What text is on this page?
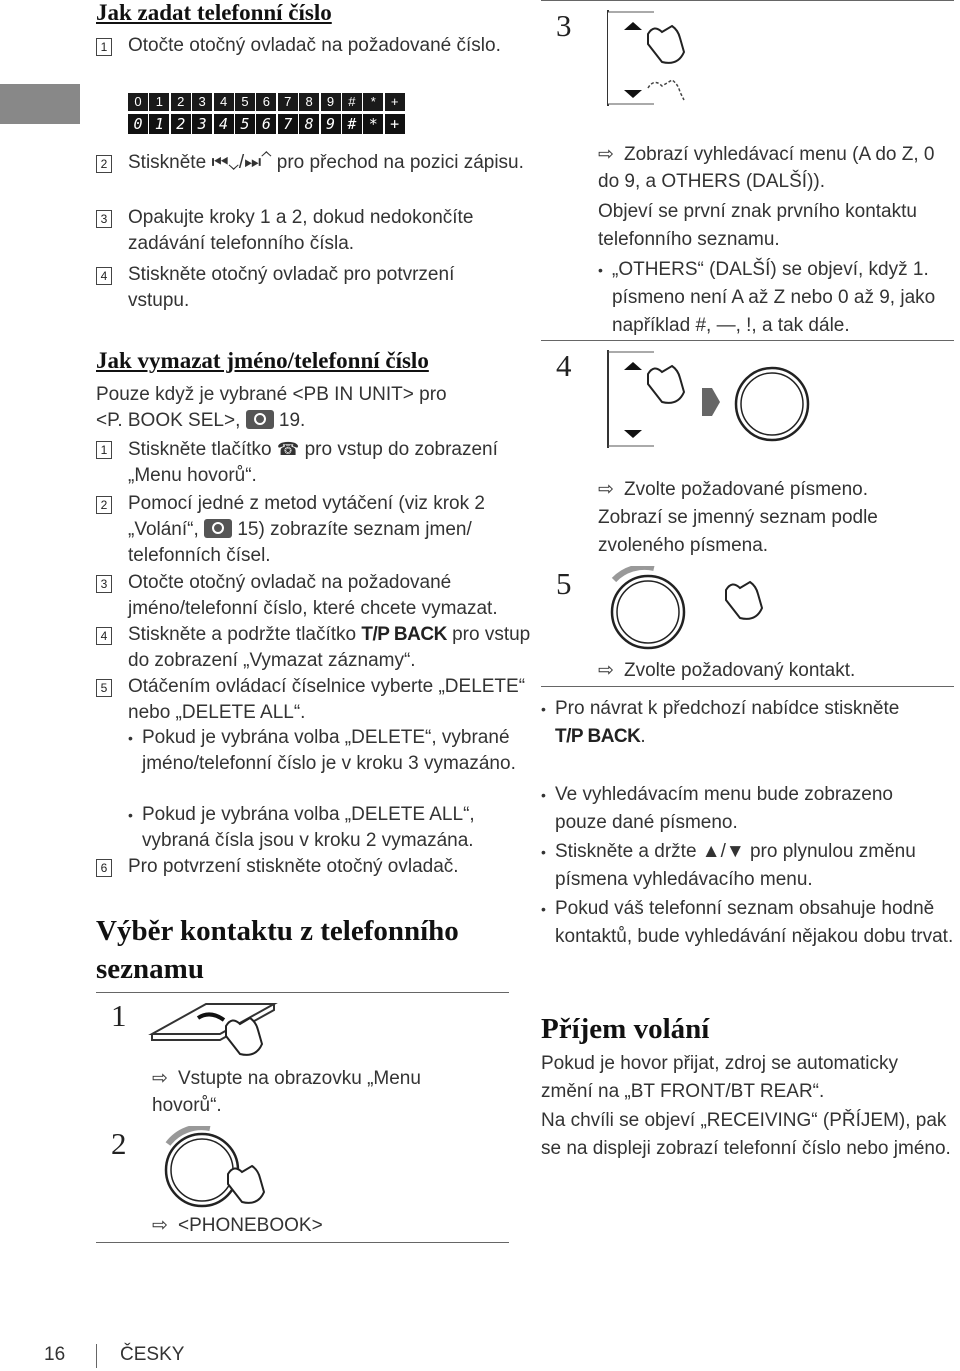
Jak zadat telefonní číslo
1 Otočte otočný ovladač na požadované číslo.
0 1 2 3 4 5 6 7 8 9 # * +
0 1 2 3 4 5 6 7 8 9 # * +
2 Stiskněte ⏮⌄/⏭⌃ pro přechod na pozici zápisu.
3 Opakujte kroky 1 a 2, dokud nedokončíte zadávání telefonního čísla.
4 Stiskněte otočný ovladač pro potvrzení vstupu.
Jak vymazat jméno/telefonní číslo
Pouze když je vybrané <PB IN UNIT> pro
<P. BOOK SEL>, 19.
1 Stiskněte tlačítko ☎ pro vstup do zobrazení „Menu hovorů“.
2 Pomocí jedné z metod vytáčení (viz krok 2 „Volání“, 15) zobrazíte seznam jmen/ telefonních čísel.
3 Otočte otočný ovladač na požadované jméno/telefonní číslo, které chcete vymazat.
4 Stiskněte a podržte tlačítko T/P BACK pro vstup do zobrazení „Vymazat záznamy“.
5 Otáčením ovládací číselnice vyberte „DELETE“ nebo „DELETE ALL“.
• Pokud je vybrána volba „DELETE“, vybrané jméno/telefonní číslo je v kroku 3 vymazáno.
• Pokud je vybrána volba „DELETE ALL“, vybraná čísla jsou v kroku 2 vymazána.
6 Pro potvrzení stiskněte otočný ovladač.
Výběr kontaktu z telefonního seznamu
1
⇨ Vstupte na obrazovku „Menu hovorů“.
2
⇨ <PHONEBOOK>
3
⇨ Zobrazí vyhledávací menu (A do Z, 0 do 9, a OTHERS (DALŠÍ)).
Objeví se první znak prvního kontaktu telefonního seznamu.
• „OTHERS“ (DALŠÍ) se objeví, když 1. písmeno není A až Z nebo 0 až 9, jako například #, —, !, a tak dále.
4
⇨ Zvolte požadované písmeno.
Zobrazí se jmenný seznam podle zvoleného písmena.
5
⇨ Zvolte požadovaný kontakt.
• Pro návrat k předchozí nabídce stiskněte
T/P BACK.
• Ve vyhledávacím menu bude zobrazeno pouze dané písmeno.
• Stiskněte a držte ▲/▼ pro plynulou změnu písmena vyhledávacího menu.
• Pokud váš telefonní seznam obsahuje hodně kontaktů, bude vyhledávání nějakou dobu trvat.
Příjem volání
Pokud je hovor přijat, zdroj se automaticky změní na „BT FRONT/BT REAR“.
Na chvíli se objeví „RECEIVING“ (PŘÍJEM), pak se na displeji zobrazí telefonní číslo nebo jméno.
16	ČESKY
